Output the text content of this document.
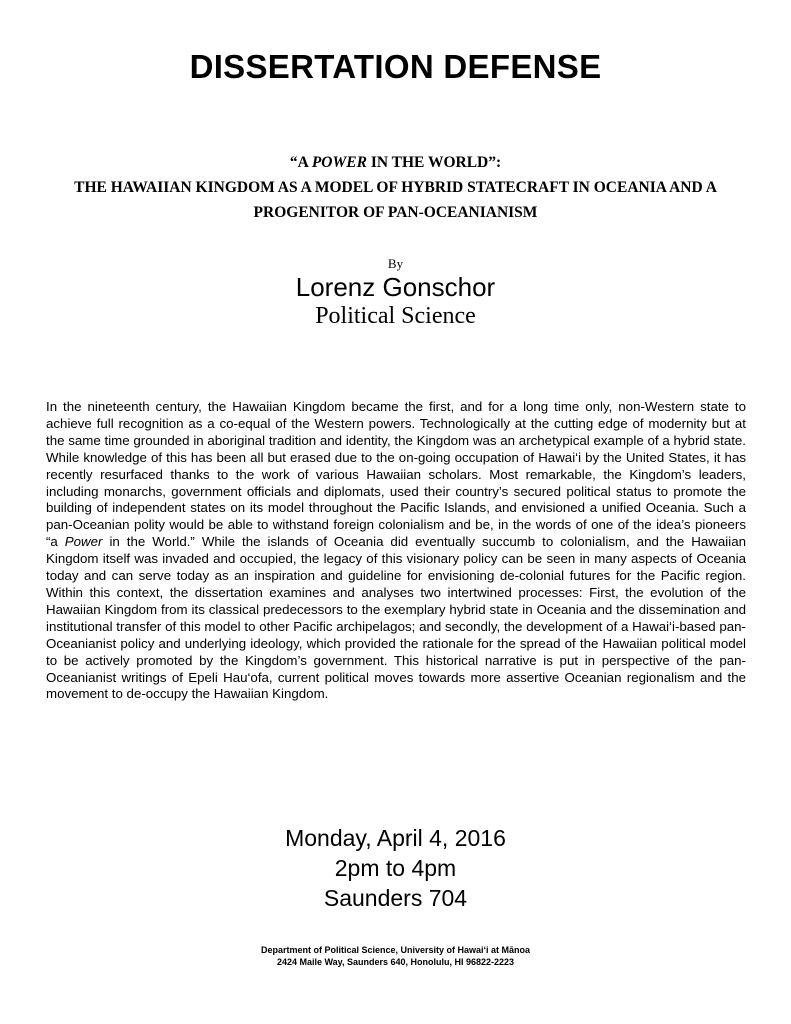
DISSERTATION DEFENSE
“A POWER IN THE WORLD”:
THE HAWAIIAN KINGDOM AS A MODEL OF HYBRID STATECRAFT IN OCEANIA AND A
PROGENITOR OF PAN-OCEANIANISM
By
Lorenz Gonschor
Political Science

In the nineteenth century, the Hawaiian Kingdom became the first, and for a long time only, non-Western state to achieve full recognition as a co-equal of the Western powers. Technologically at the cutting edge of modernity but at the same time grounded in aboriginal tradition and identity, the Kingdom was an archetypical example of a hybrid state. While knowledge of this has been all but erased due to the on-going occupation of Hawai‘i by the United States, it has recently resurfaced thanks to the work of various Hawaiian scholars. Most remarkable, the Kingdom’s leaders, including monarchs, government officials and diplomats, used their country’s secured political status to promote the building of independent states on its model throughout the Pacific Islands, and envisioned a unified Oceania. Such a pan-Oceanian polity would be able to withstand foreign colonialism and be, in the words of one of the idea’s pioneers “a Power in the World.” While the islands of Oceania did eventually succumb to colonialism, and the Hawaiian Kingdom itself was invaded and occupied, the legacy of this visionary policy can be seen in many aspects of Oceania today and can serve today as an inspiration and guideline for envisioning de-colonial futures for the Pacific region. Within this context, the dissertation examines and analyses two intertwined processes: First, the evolution of the Hawaiian Kingdom from its classical predecessors to the exemplary hybrid state in Oceania and the dissemination and institutional transfer of this model to other Pacific archipelagos; and secondly, the development of a Hawai‘i-based pan-Oceanianist policy and underlying ideology, which provided the rationale for the spread of the Hawaiian political model to be actively promoted by the Kingdom’s government. This historical narrative is put in perspective of the pan-Oceanianist writings of Epeli Hau‘ofa, current political moves towards more assertive Oceanian regionalism and the movement to de-occupy the Hawaiian Kingdom.

Monday, April 4, 2016
2pm to 4pm
Saunders 704
Department of Political Science, University of Hawai‘i at Mānoa
2424 Maile Way, Saunders 640, Honolulu, HI 96822-2223
